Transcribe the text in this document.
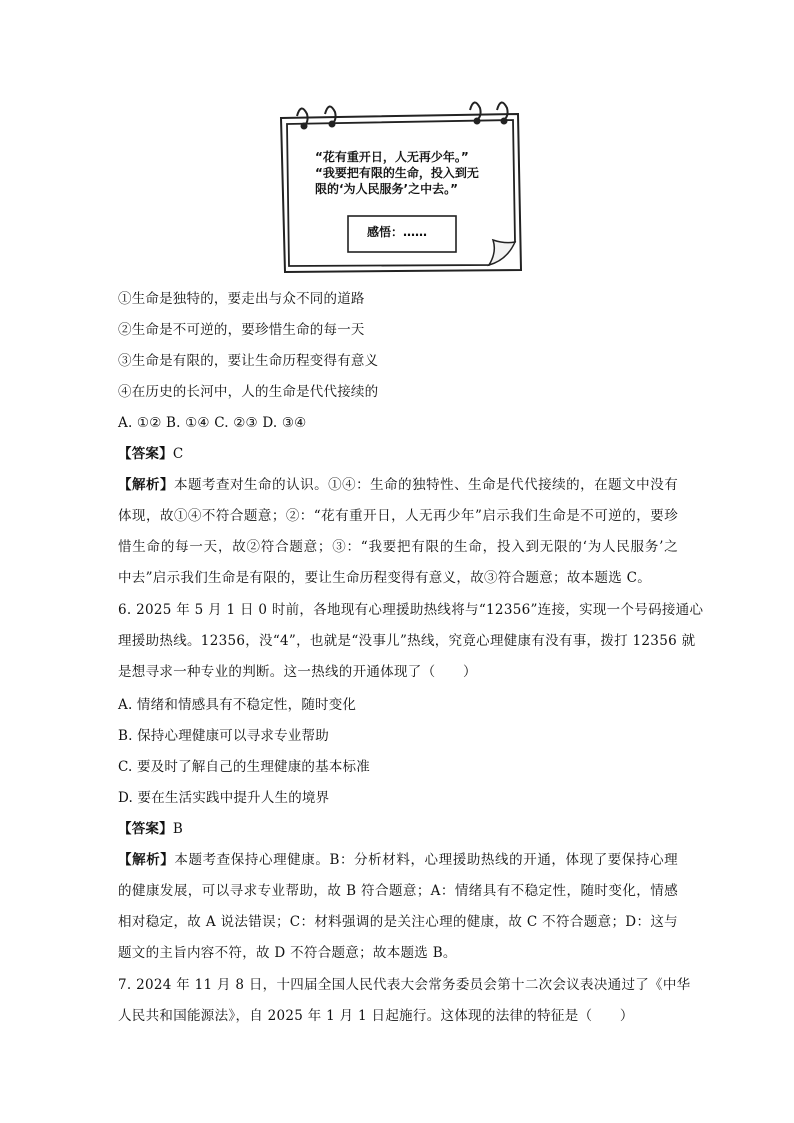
“花有重开日，人无再少年。”
“我要把有限的生命，投入到无
限的‘为人民服务’之中去。”
感悟：……
①生命是独特的，要走出与众不同的道路
②生命是不可逆的，要珍惜生命的每一天
③生命是有限的，要让生命历程变得有意义
④在历史的长河中，人的生命是代代接续的
A. ①② B. ①④ C. ②③ D. ③④
【答案】C
【解析】本题考查对生命的认识。①④：生命的独特性、生命是代代接续的，在题文中没有
体现，故①④不符合题意；②：“花有重开日，人无再少年”启示我们生命是不可逆的，要珍
惜生命的每一天，故②符合题意；③：“我要把有限的生命，投入到无限的‘为人民服务’之
中去”启示我们生命是有限的，要让生命历程变得有意义，故③符合题意；故本题选 C。
6. 2025 年 5 月 1 日 0 时前，各地现有心理援助热线将与“12356”连接，实现一个号码接通心
理援助热线。12356，没“4”，也就是“没事儿”热线，究竟心理健康有没有事，拨打 12356 就
是想寻求一种专业的判断。这一热线的开通体现了（　　）
A. 情绪和情感具有不稳定性，随时变化
B. 保持心理健康可以寻求专业帮助
C. 要及时了解自己的生理健康的基本标准
D. 要在生活实践中提升人生的境界
【答案】B
【解析】本题考查保持心理健康。B：分析材料，心理援助热线的开通，体现了要保持心理
的健康发展，可以寻求专业帮助，故 B 符合题意；A：情绪具有不稳定性，随时变化，情感
相对稳定，故 A 说法错误；C：材料强调的是关注心理的健康，故 C 不符合题意；D：这与
题文的主旨内容不符，故 D 不符合题意；故本题选 B。
7. 2024 年 11 月 8 日，十四届全国人民代表大会常务委员会第十二次会议表决通过了《中华
人民共和国能源法》，自 2025 年 1 月 1 日起施行。这体现的法律的特征是（　　）
